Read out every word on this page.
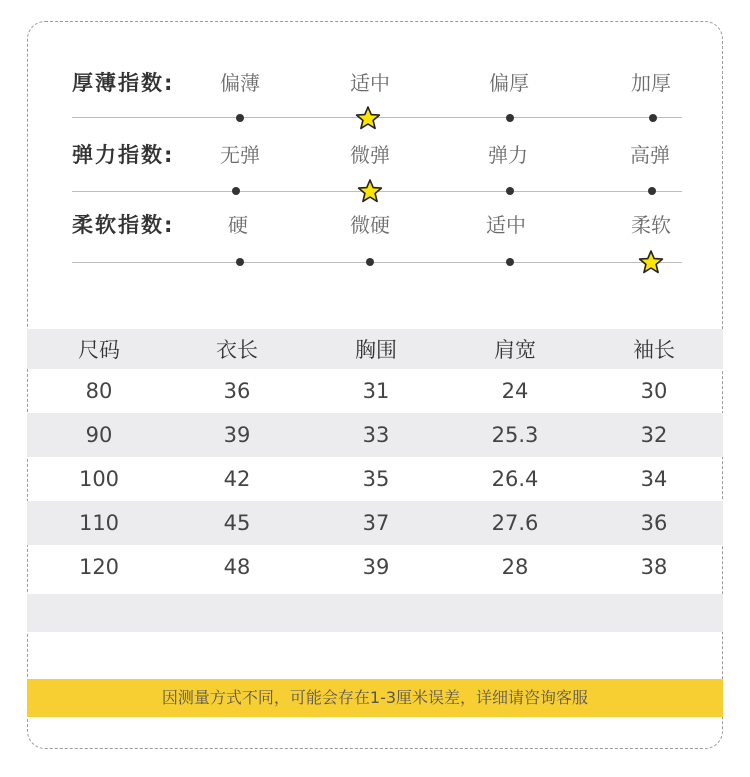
厚薄指数:	偏薄	适中	偏厚	加厚
弹力指数:	无弹	微弹	弹力	高弹
柔软指数:	硬	微硬	适中	柔软
尺码	衣长	胸围	肩宽	袖长
80	36	31	24	30
90	39	33	25.3	32
100	42	35	26.4	34
110	45	37	27.6	36
120	48	39	28	38
因测量方式不同，可能会存在1-3厘米误差，详细请咨询客服
